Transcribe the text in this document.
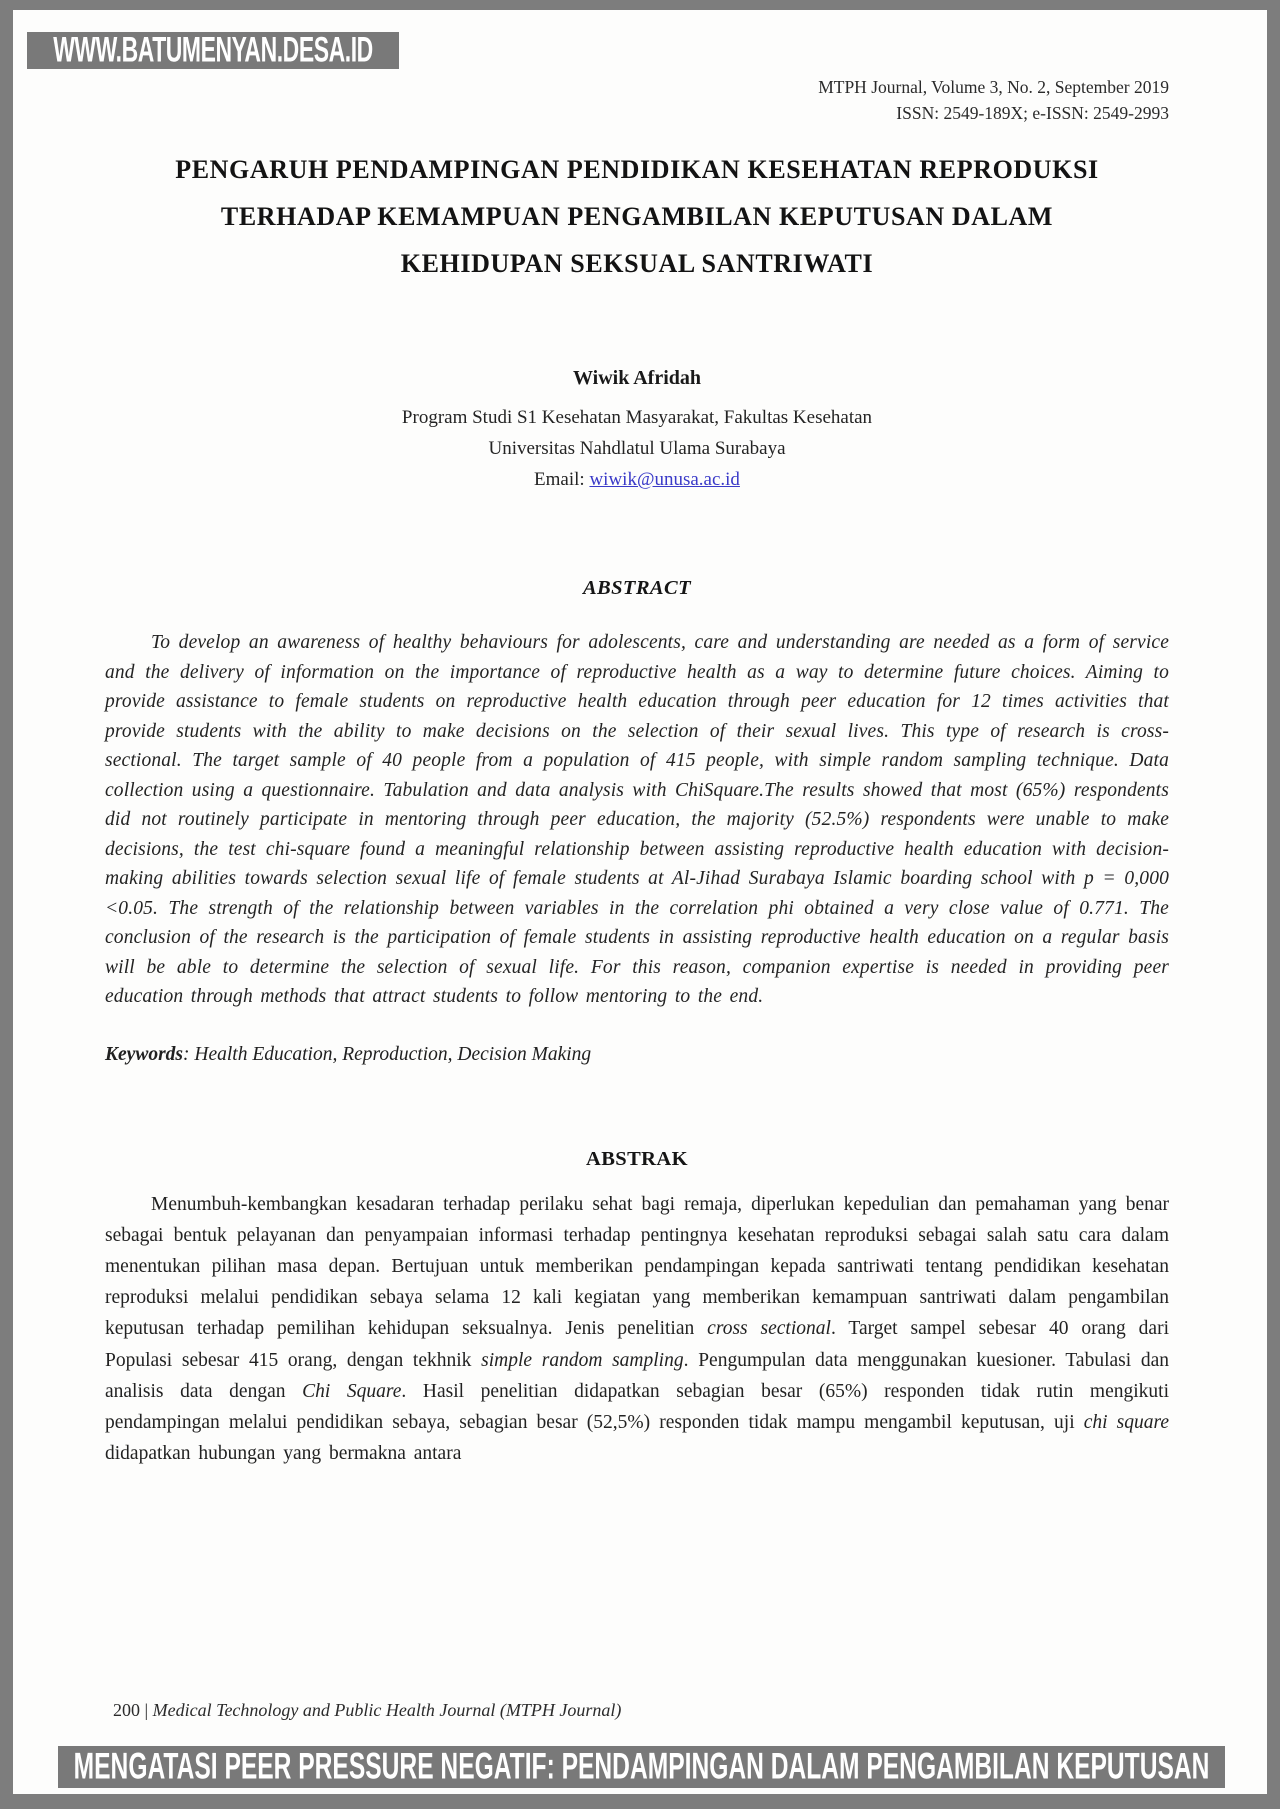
MTPH Journal, Volume 3, No. 2, September 2019
ISSN: 2549-189X; e-ISSN: 2549-2993
PENGARUH PENDAMPINGAN PENDIDIKAN KESEHATAN REPRODUKSI
TERHADAP KEMAMPUAN PENGAMBILAN KEPUTUSAN DALAM
KEHIDUPAN SEKSUAL SANTRIWATI
Wiwik Afridah
Program Studi S1 Kesehatan Masyarakat, Fakultas Kesehatan
Universitas Nahdlatul Ulama Surabaya
Email: wiwik@unusa.ac.id
ABSTRACT

To develop an awareness of healthy behaviours for adolescents, care and understanding are needed as a form of service and the delivery of information on the importance of reproductive health as a way to determine future choices. Aiming to provide assistance to female students on reproductive health education through peer education for 12 times activities that provide students with the ability to make decisions on the selection of their sexual lives. This type of research is cross-sectional. The target sample of 40 people from a population of 415 people, with simple random sampling technique. Data collection using a questionnaire. Tabulation and data analysis with ChiSquare.The results showed that most (65%) respondents did not routinely participate in mentoring through peer education, the majority (52.5%) respondents were unable to make decisions, the test chi-square found a meaningful relationship between assisting reproductive health education with decision-making abilities towards selection sexual life of female students at Al-Jihad Surabaya Islamic boarding school with p = 0,000 <0.05. The strength of the relationship between variables in the correlation phi obtained a very close value of 0.771. The conclusion of the research is the participation of female students in assisting reproductive health education on a regular basis will be able to determine the selection of sexual life. For this reason, companion expertise is needed in providing peer education through methods that attract students to follow mentoring to the end.

Keywords: Health Education, Reproduction, Decision Making

ABSTRAK

Menumbuh-kembangkan kesadaran terhadap perilaku sehat bagi remaja, diperlukan kepedulian dan pemahaman yang benar sebagai bentuk pelayanan dan penyampaian informasi terhadap pentingnya kesehatan reproduksi sebagai salah satu cara dalam menentukan pilihan masa depan. Bertujuan untuk memberikan pendampingan kepada santriwati tentang pendidikan kesehatan reproduksi melalui pendidikan sebaya selama 12 kali kegiatan yang memberikan kemampuan santriwati dalam pengambilan keputusan terhadap pemilihan kehidupan seksualnya. Jenis penelitian cross sectional. Target sampel sebesar 40 orang dari Populasi sebesar 415 orang, dengan tekhnik simple random sampling. Pengumpulan data menggunakan kuesioner. Tabulasi dan analisis data dengan Chi Square. Hasil penelitian didapatkan sebagian besar (65%) responden tidak rutin mengikuti pendampingan melalui pendidikan sebaya, sebagian besar (52,5%) responden tidak mampu mengambil keputusan, uji chi square didapatkan hubungan yang bermakna antara

200 | Medical Technology and Public Health Journal (MTPH Journal)
WWW.BATUMENYAN.DESA.ID
MENGATASI PEER PRESSURE NEGATIF: PENDAMPINGAN DALAM PENGAMBILAN KEPUTUSAN
